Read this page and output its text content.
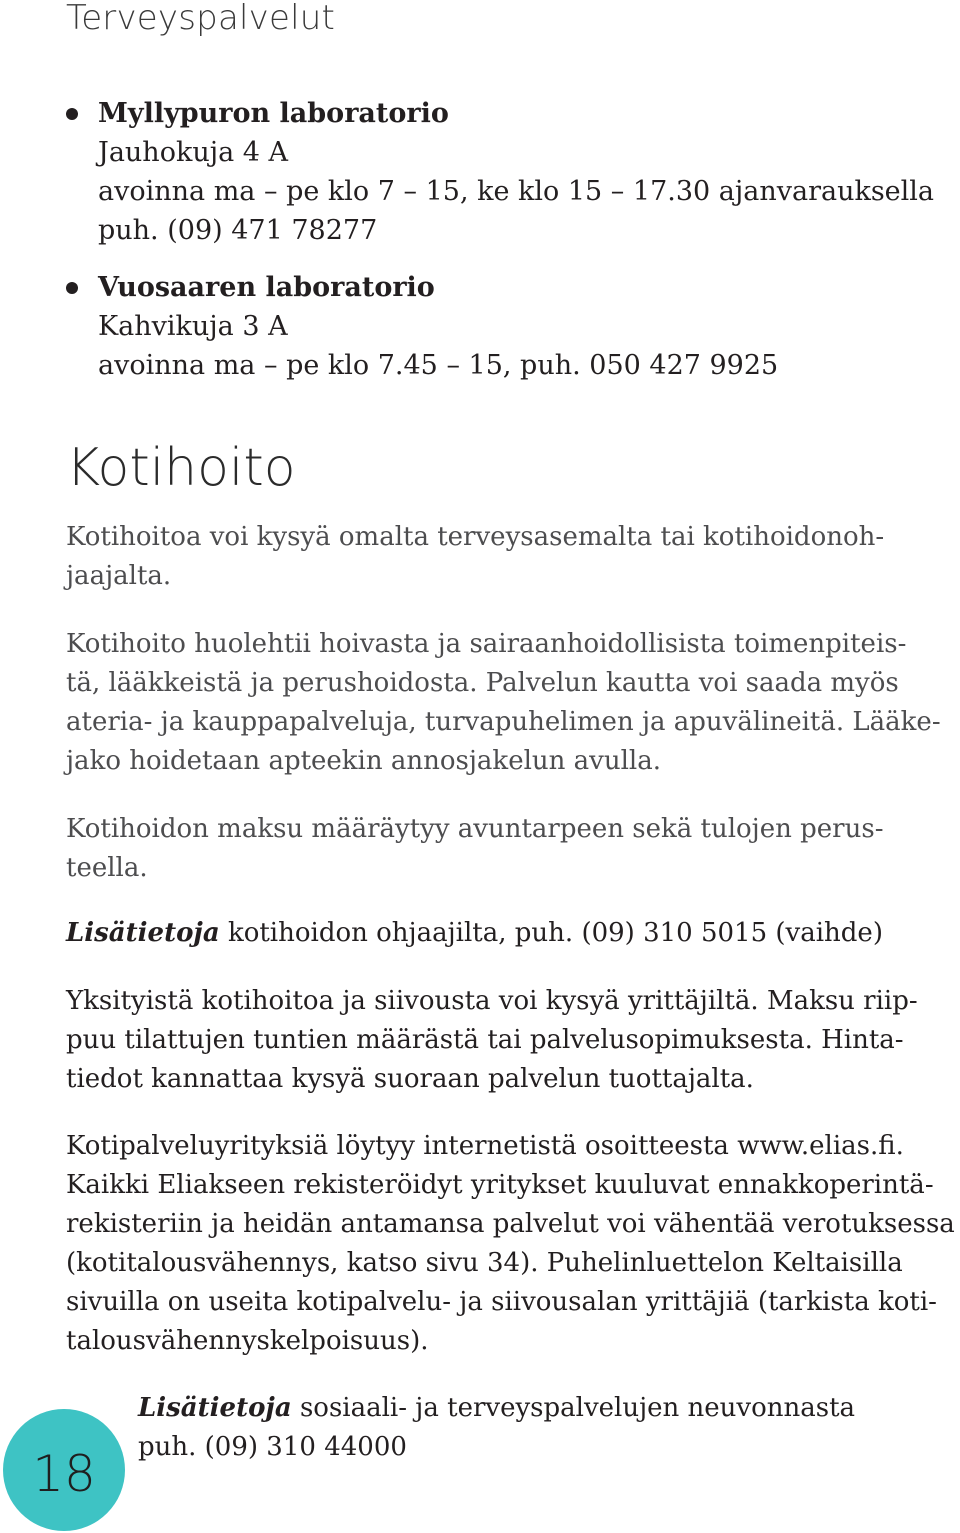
Terveyspalvelut
Myllypuron laboratorio
Jauhokuja 4 A
avoinna ma – pe klo 7 – 15, ke klo 15 – 17.30 ajanvarauksella
puh. (09) 471 78277
Vuosaaren laboratorio
Kahvikuja 3 A
avoinna ma – pe klo 7.45 – 15, puh. 050 427 9925
Kotihoito
Kotihoitoa voi kysyä omalta terveysasemalta tai kotihoidonoh-
jaajalta.
Kotihoito huolehtii hoivasta ja sairaanhoidollisista toimenpiteis-
tä, lääkkeistä ja perushoidosta. Palvelun kautta voi saada myös
ateria- ja kauppapalveluja, turvapuhelimen ja apuvälineitä. Lääke-
jako hoidetaan apteekin annosjakelun avulla.
Kotihoidon maksu määräytyy avuntarpeen sekä tulojen perus-
teella.
Lisätietoja kotihoidon ohjaajilta, puh. (09) 310 5015 (vaihde)
Yksityistä kotihoitoa ja siivousta voi kysyä yrittäjiltä. Maksu riip-
puu tilattujen tuntien määrästä tai palvelusopimuksesta. Hinta-
tiedot kannattaa kysyä suoraan palvelun tuottajalta.
Kotipalveluyrityksiä löytyy internetistä osoitteesta www.elias.fi.
Kaikki Eliakseen rekisteröidyt yritykset kuuluvat ennakkoperintä-
rekisteriin ja heidän antamansa palvelut voi vähentää verotuksessa
(kotitalousvähennys, katso sivu 34). Puhelinluettelon Keltaisilla
sivuilla on useita kotipalvelu- ja siivousalan yrittäjiä (tarkista koti-
talousvähennyskelpoisuus).
18
Lisätietoja sosiaali- ja terveyspalvelujen neuvonnasta
puh. (09) 310 44000
